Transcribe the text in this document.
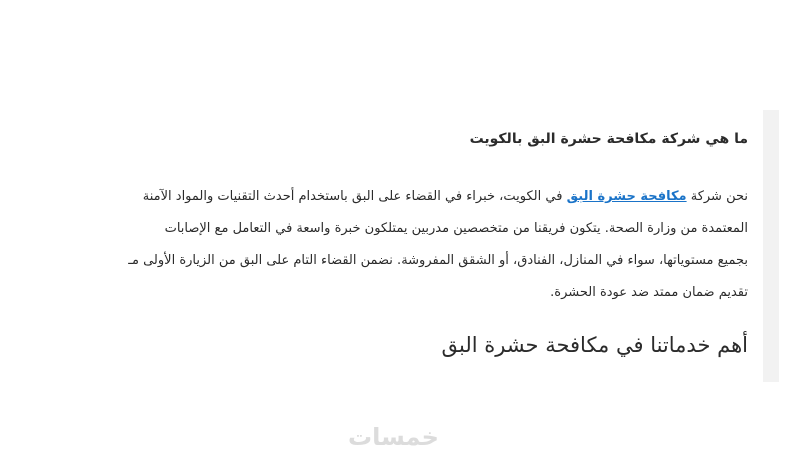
ما هي شركة مكافحة حشرة البق بالكويت

نحن شركة مكافحة حشرة البق في الكويت، خبراء في القضاء على البق باستخدام أحدث التقنيات والمواد الآمنة
المعتمدة من وزارة الصحة. يتكون فريقنا من متخصصين مدربين يمتلكون خبرة واسعة في التعامل مع الإصابات
بجميع مستوياتها، سواء في المنازل، الفنادق، أو الشقق المفروشة. نضمن القضاء التام على البق من الزيارة الأولى مـ
تقديم ضمان ممتد ضد عودة الحشرة.

أهم خدماتنا في مكافحة حشرة البق
خمسات
